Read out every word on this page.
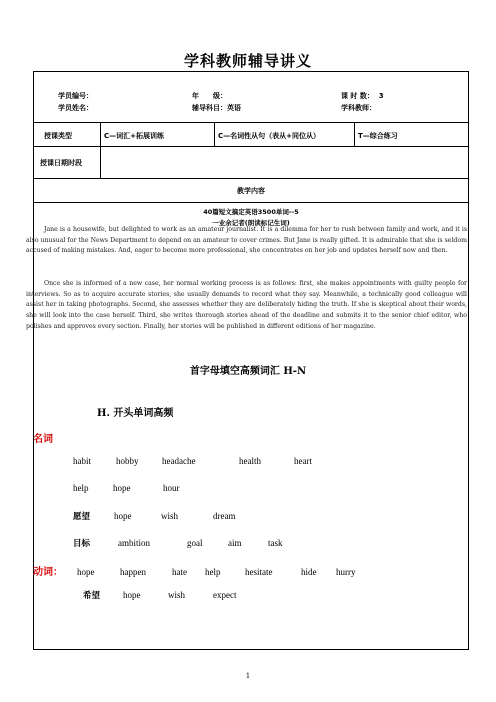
学科教师辅导讲义
学员编号：	年　　级：	课 时 数： 3
学员姓名：	辅导科目：英语	学科教师：
授课类型	C—词汇+拓展训练	C—名词性从句（表从+同位从）	T—综合练习
授课日期时段
教学内容
40篇短文搞定英语3500单词--5
一业余记者(朗读标记生词)
Jane is a housewife, but delighted to work as an amateur journalist. It is a dilemma for her to rush between family and work, and it is also unusual for the News Department to depend on an amateur to cover crimes. But Jane is really gifted. It is admirable that she is seldom accused of making mistakes. And, eager to become more professional, she concentrates on her job and updates herself now and then.
Once she is informed of a new case, her normal working process is as follows: first, she makes appointments with guilty people for interviews. So as to acquire accurate stories, she usually demands to record what they say. Meanwhile, a technically good colleague will assist her in taking photographs. Second, she assesses whether they are deliberately hiding the truth. If she is skeptical about their words, she will look into the case herself. Third, she writes thorough stories ahead of the deadline and submits it to the senior chief editor, who polishes and approves every section. Finally, her stories will be published in different editions of her magazine.
首字母填空高频词汇 H-N
H. 开头单词高频
名词
habit	hobby	headache	health	heart
help	hope	hour
愿望	hope	wish	dream
目标	ambition	goal	aim	task
动词： hope	happen	hate help	hesitate	hide hurry
希望	hope	wish	expect
1
